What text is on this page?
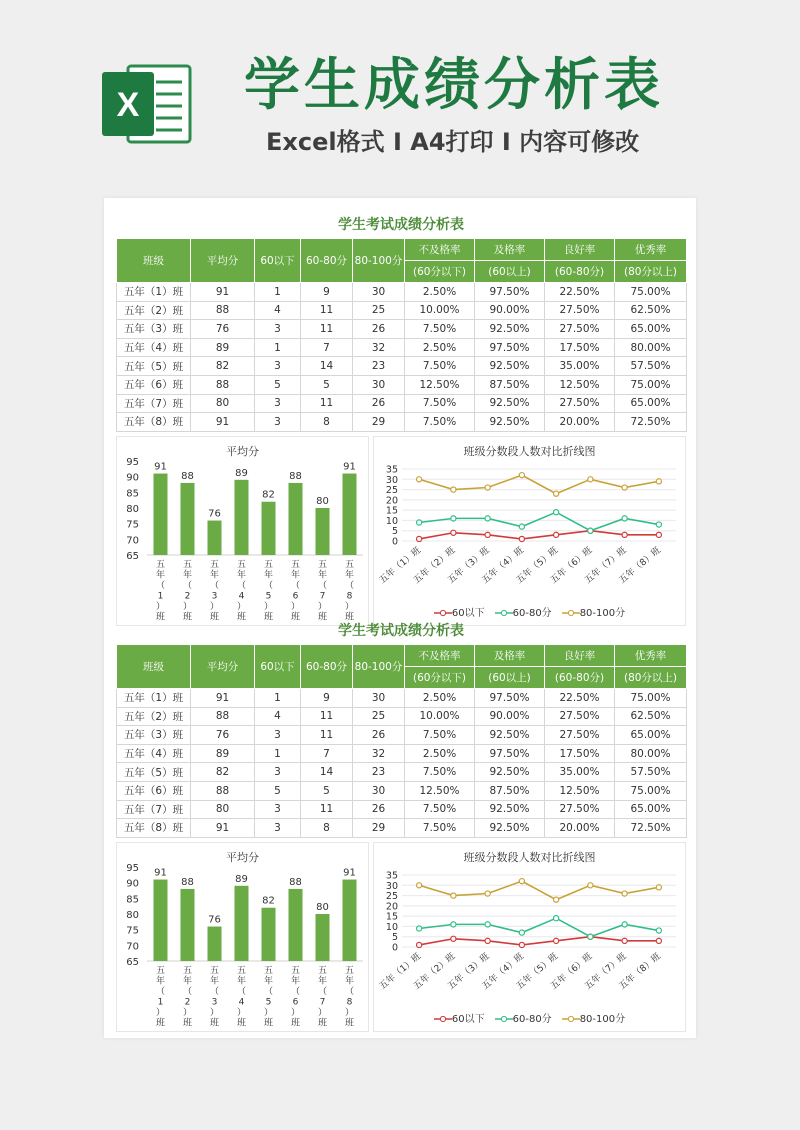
X 学生成绩分析表
Excel格式 Ⅰ A4打印 Ⅰ 内容可修改
学生考试成绩分析表
班级	平均分	60以下	60-80分	80-100分	不及格率	及格率	良好率	优秀率
					(60分以下)	(60以上)	(60-80分)	(80分以上)
五年（1）班	91	1	9	30	2.50%	97.50%	22.50%	75.00%
五年（2）班	88	4	11	25	10.00%	90.00%	27.50%	62.50%
五年（3）班	76	3	11	26	7.50%	92.50%	27.50%	65.00%
五年（4）班	89	1	7	32	2.50%	97.50%	17.50%	80.00%
五年（5）班	82	3	14	23	7.50%	92.50%	35.00%	57.50%
五年（6）班	88	5	5	30	12.50%	87.50%	12.50%	75.00%
五年（7）班	80	3	11	26	7.50%	92.50%	27.50%	65.00%
五年（8）班	91	3	8	29	7.50%	92.50%	20.00%	72.50%
平均分
65
70
75
80
85
90
95 91
五年（ 1 ）班
88
五年（ 2 ）班
76
五年（ 3 ）班
89
五年（ 4 ）班
82
五年（ 5 ）班
88
五年（ 6 ）班
80
五年（ 7 ）班
91
五年（ 8 ）班
班级分数段人数对比折线图
0
5
10
15
20
25
30
35
五年（1）班
五年（2）班
五年（3）班
五年（4）班
五年（5）班
五年（6）班
五年（7）班
五年（8）班
60以下	60-80分	80-100分
学生考试成绩分析表
班级	平均分	60以下	60-80分	80-100分	不及格率	及格率	良好率	优秀率
					(60分以下)	(60以上)	(60-80分)	(80分以上)
五年（1）班	91	1	9	30	2.50%	97.50%	22.50%	75.00%
五年（2）班	88	4	11	25	10.00%	90.00%	27.50%	62.50%
五年（3）班	76	3	11	26	7.50%	92.50%	27.50%	65.00%
五年（4）班	89	1	7	32	2.50%	97.50%	17.50%	80.00%
五年（5）班	82	3	14	23	7.50%	92.50%	35.00%	57.50%
五年（6）班	88	5	5	30	12.50%	87.50%	12.50%	75.00%
五年（7）班	80	3	11	26	7.50%	92.50%	27.50%	65.00%
五年（8）班	91	3	8	29	7.50%	92.50%	20.00%	72.50%
平均分
65
70
75
80
85
90
95 91
五年（ 1 ）班
88
五年（ 2 ）班
76
五年（ 3 ）班
89
五年（ 4 ）班
82
五年（ 5 ）班
88
五年（ 6 ）班
80
五年（ 7 ）班
91
五年（ 8 ）班
班级分数段人数对比折线图
0
5
10
15
20
25
30
35
五年（1）班
五年（2）班
五年（3）班
五年（4）班
五年（5）班
五年（6）班
五年（7）班
五年（8）班
60以下	60-80分	80-100分
